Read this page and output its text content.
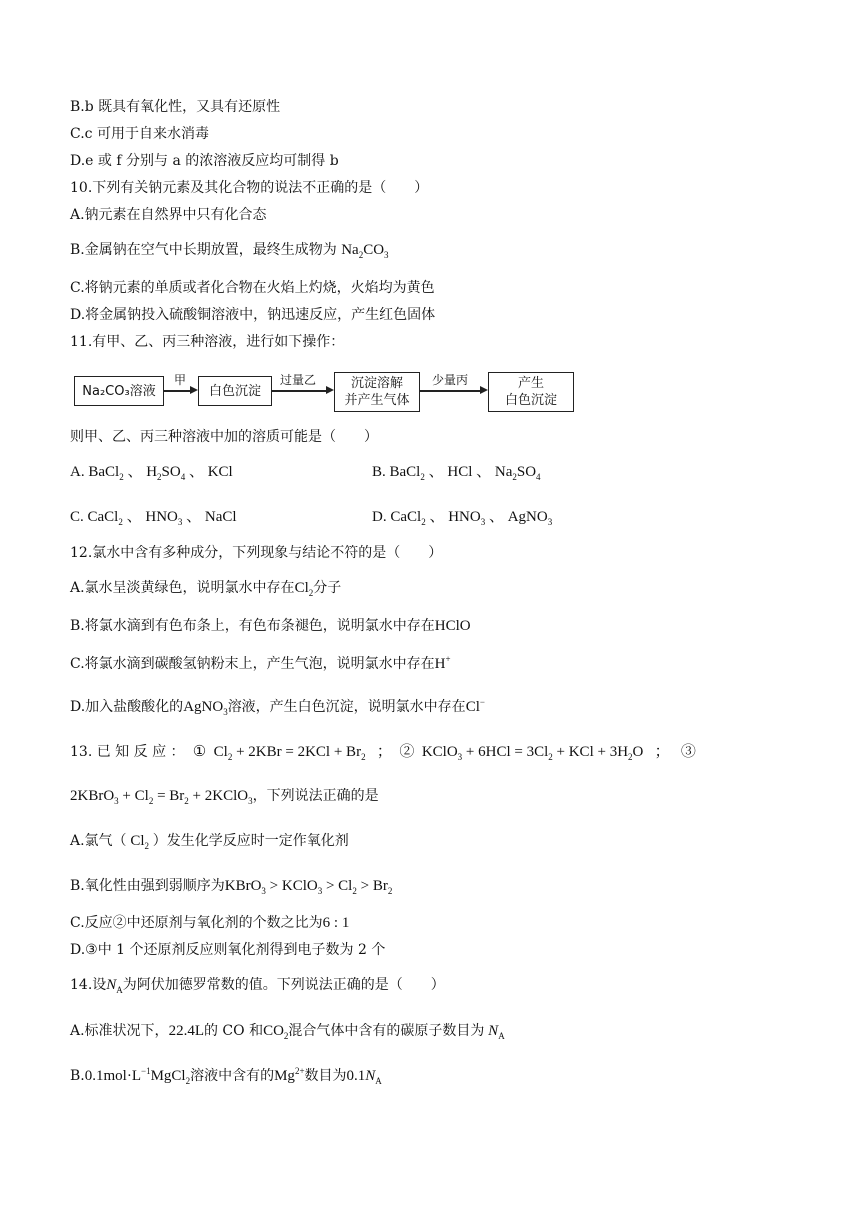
B.b 既具有氧化性，又具有还原性
C.c 可用于自来水消毒
D.e 或 f 分别与 a 的浓溶液反应均可制得 b
10.下列有关钠元素及其化合物的说法不正确的是（　　）
A.钠元素在自然界中只有化合态
B.金属钠在空气中长期放置，最终生成物为 $Na_2CO_3$
C.将钠元素的单质或者化合物在火焰上灼烧，火焰均为黄色
D.将金属钠投入硫酸铜溶液中，钠迅速反应，产生红色固体
11.有甲、乙、丙三种溶液，进行如下操作：
Na₂CO₃溶液
甲
白色沉淀
过量乙	沉淀溶解
并产生气体
少量丙	产生
白色沉淀
则甲、乙、丙三种溶液中加的溶质可能是（　　）
A. BaCl$_2$ 、 $H_2SO_4$ 、 KCl	B. BaCl$_2$ 、 HCl 、 $Na_2SO_4$
C. CaCl$_2$ 、 $HNO_3$ 、 NaCl	D. CaCl$_2$ 、 $HNO_3$ 、 AgNO$_3$
12.氯水中含有多种成分，下列现象与结论不符的是（　　）
A.氯水呈淡黄绿色，说明氯水中存在$Cl_2$分子
B.将氯水滴到有色布条上，有色布条褪色，说明氯水中存在HClO
C.将氯水滴到碳酸氢钠粉末上，产生气泡，说明氯水中存在H+
D.加入盐酸酸化的AgNO$_3$溶液，产生白色沉淀，说明氯水中存在Cl−
13. 已 知 反 应 ：  ①  $Cl_2 + 2KBr = 2KCl + Br_2$   ；  ②  KClO$_3$ + $6HCl = 3Cl_2$ + KCl + $3H_2O$   ；   ③
2KBrO$_3$ + $Cl_2 = Br_2$ + 2KClO$_3$，下列说法正确的是
A.氯气（ $Cl_2$ ）发生化学反应时一定作氧化剂
B.氧化性由强到弱顺序为KBrO$_3$ > KClO$_3$ > $Cl_2 > Br_2$
C.反应②中还原剂与氧化剂的个数之比为6 : 1
D.③中 1 个还原剂反应则氧化剂得到电子数为 2 个
14.设$N_A$为阿伏加德罗常数的值。下列说法正确的是（　　）
A.标准状况下，22.4L的 CO 和$CO_2$混合气体中含有的碳原子数目为 $N_A$
$B.0.1mol\cdot L^{-1}MgCl_2$溶液中含有的$Mg^{2+}$数目为$0.1N_A$
